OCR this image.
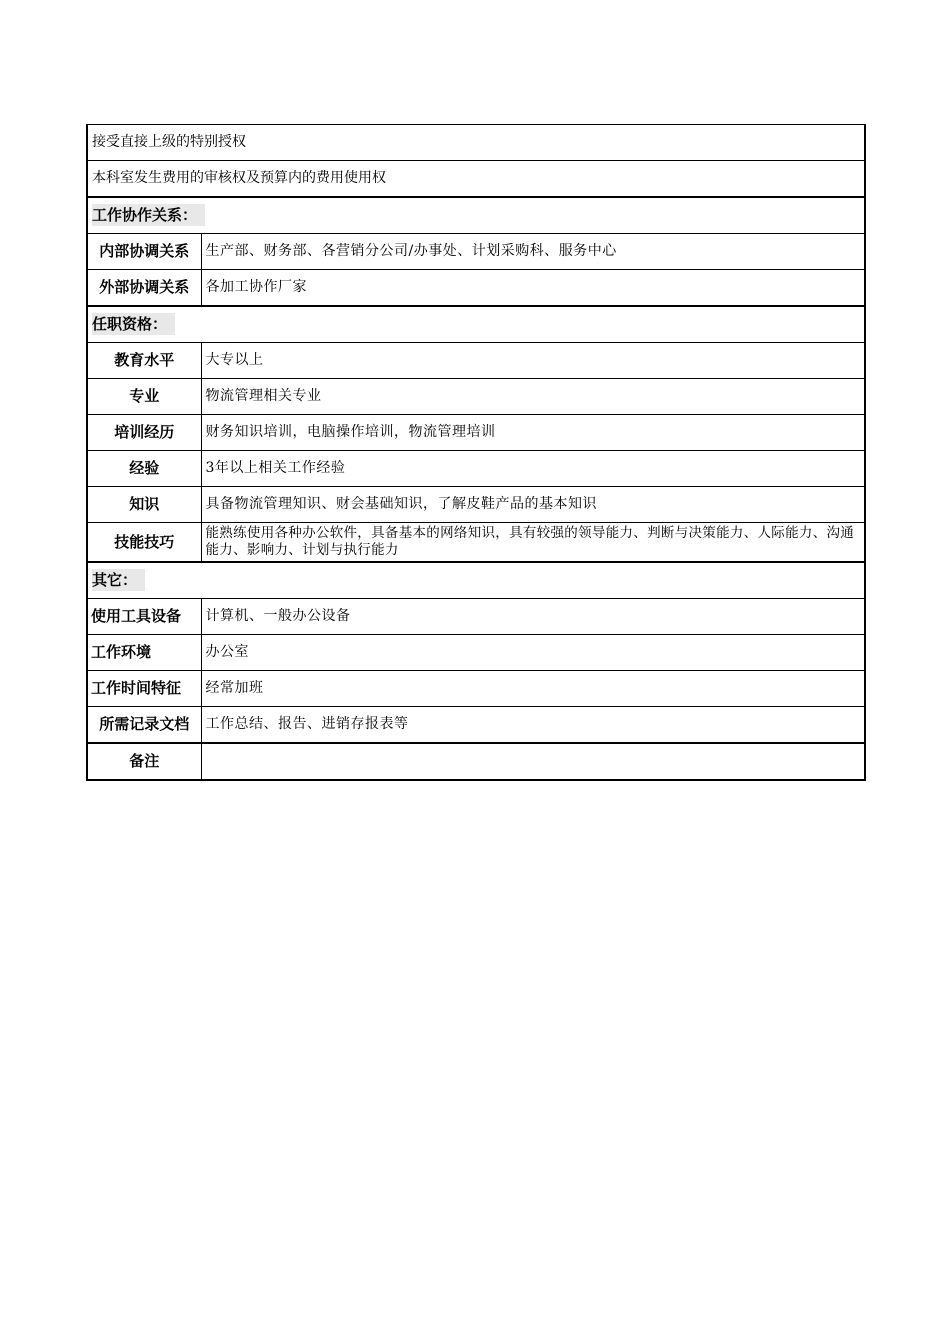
接受直接上级的特别授权	
本科室发生费用的审核权及预算内的费用使用权	
工作协作关系：	
内部协调关系	生产部、财务部、各营销分公司/办事处、计划采购科、服务中心
外部协调关系	各加工协作厂家
任职资格：	
教育水平	大专以上
专业	物流管理相关专业
培训经历	财务知识培训，电脑操作培训，物流管理培训
经验	3年以上相关工作经验
知识	具备物流管理知识、财会基础知识，了解皮鞋产品的基本知识
技能技巧	能熟练使用各种办公软件，具备基本的网络知识，具有较强的领导能力、判断与决策能力、人际能力、沟通能力、影响力、计划与执行能力
其它：	
使用工具设备	计算机、一般办公设备
工作环境	办公室
工作时间特征	经常加班
所需记录文档	工作总结、报告、进销存报表等
备注	
